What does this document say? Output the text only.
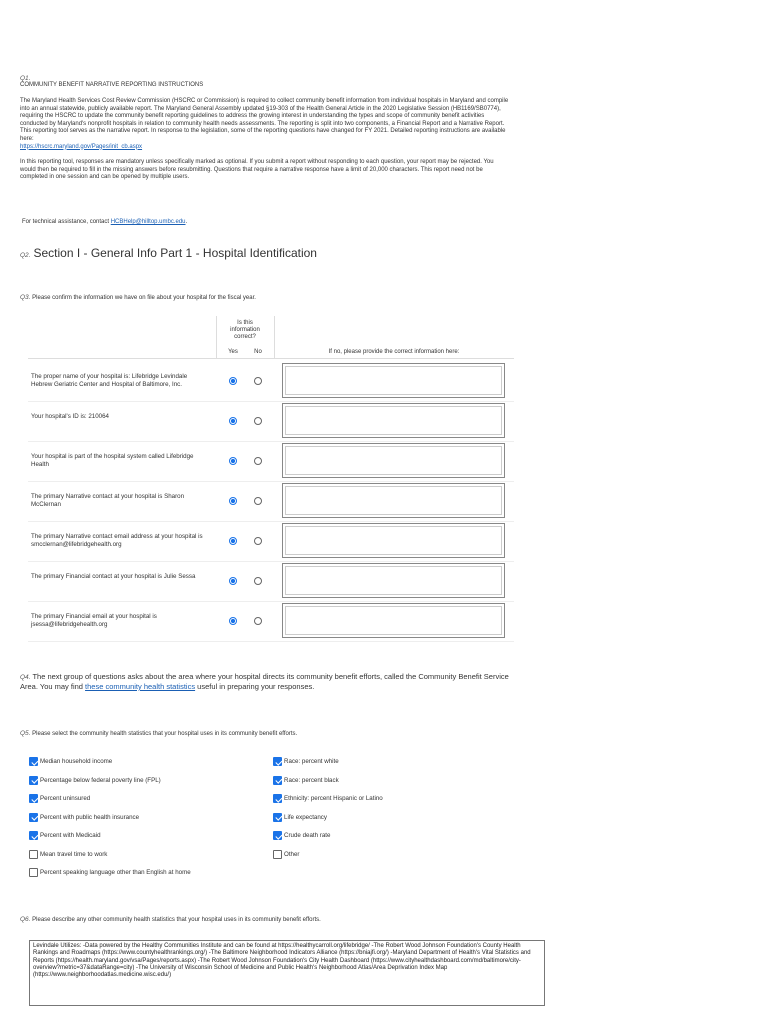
Q1.
COMMUNITY BENEFIT NARRATIVE REPORTING INSTRUCTIONS
The Maryland Health Services Cost Review Commission (HSCRC or Commission) is required to collect community benefit information from individual hospitals in Maryland and compile into an annual statewide, publicly available report. The Maryland General Assembly updated §19-303 of the Health General Article in the 2020 Legislative Session (HB1169/SB0774), requiring the HSCRC to update the community benefit reporting guidelines to address the growing interest in understanding the types and scope of community benefit activities conducted by Maryland's nonprofit hospitals in relation to community health needs assessments. The reporting is split into two components, a Financial Report and a Narrative Report. This reporting tool serves as the narrative report. In response to the legislation, some of the reporting questions have changed for FY 2021. Detailed reporting instructions are available here:
https://hscrc.maryland.gov/Pages/init_cb.aspx
In this reporting tool, responses are mandatory unless specifically marked as optional. If you submit a report without responding to each question, your report may be rejected. You would then be required to fill in the missing answers before resubmitting. Questions that require a narrative response have a limit of 20,000 characters. This report need not be completed in one session and can be opened by multiple users.
For technical assistance, contact HCBHelp@hilltop.umbc.edu.
Q2. Section I - General Info Part 1 - Hospital Identification
Q3. Please confirm the information we have on file about your hospital for the fiscal year.
Is this information correct?
Yes	No	If no, please provide the correct information here:
The proper name of your hospital is: Lifebridge Levindale Hebrew Geriatric Center and Hospital of Baltimore, Inc.
Your hospital's ID is: 210064
Your hospital is part of the hospital system called Lifebridge Health
The primary Narrative contact at your hospital is Sharon McClernan
The primary Narrative contact email address at your hospital is smcclernan@lifebridgehealth.org
The primary Financial contact at your hospital is Julie Sessa
The primary Financial email at your hospital is jsessa@lifebridgehealth.org
Q4. The next group of questions asks about the area where your hospital directs its community benefit efforts, called the Community Benefit Service Area. You may find these community health statistics useful in preparing your responses.
Q5. Please select the community health statistics that your hospital uses in its community benefit efforts.
Median household income
Percentage below federal poverty line (FPL)
Percent uninsured
Percent with public health insurance
Percent with Medicaid
Mean travel time to work
Percent speaking language other than English at home
Race: percent white
Race: percent black
Ethnicity: percent Hispanic or Latino
Life expectancy
Crude death rate
Other
Q6. Please describe any other community health statistics that your hospital uses in its community benefit efforts.
Levindale Utilizes: -Data powered by the Healthy Communities Institute and can be found at https://healthycarroll.org/lifebridge/ -The Robert Wood Johnson Foundation's County Health Rankings and Roadmaps (https://www.countyhealthrankings.org/) -The Baltimore Neighborhood Indicators Alliance (https://bniajfi.org/) -Maryland Department of Health's Vital Statistics and Reports (https://health.maryland.gov/vsa/Pages/reports.aspx) -The Robert Wood Johnson Foundation's City Health Dashboard (https://www.cityhealthdashboard.com/md/baltimore/city-overview?metric=37&dataRange=city) -The University of Wisconsin School of Medicine and Public Health's Neighborhood Atlas/Area Deprivation Index Map (https://www.neighborhoodatlas.medicine.wisc.edu/)
